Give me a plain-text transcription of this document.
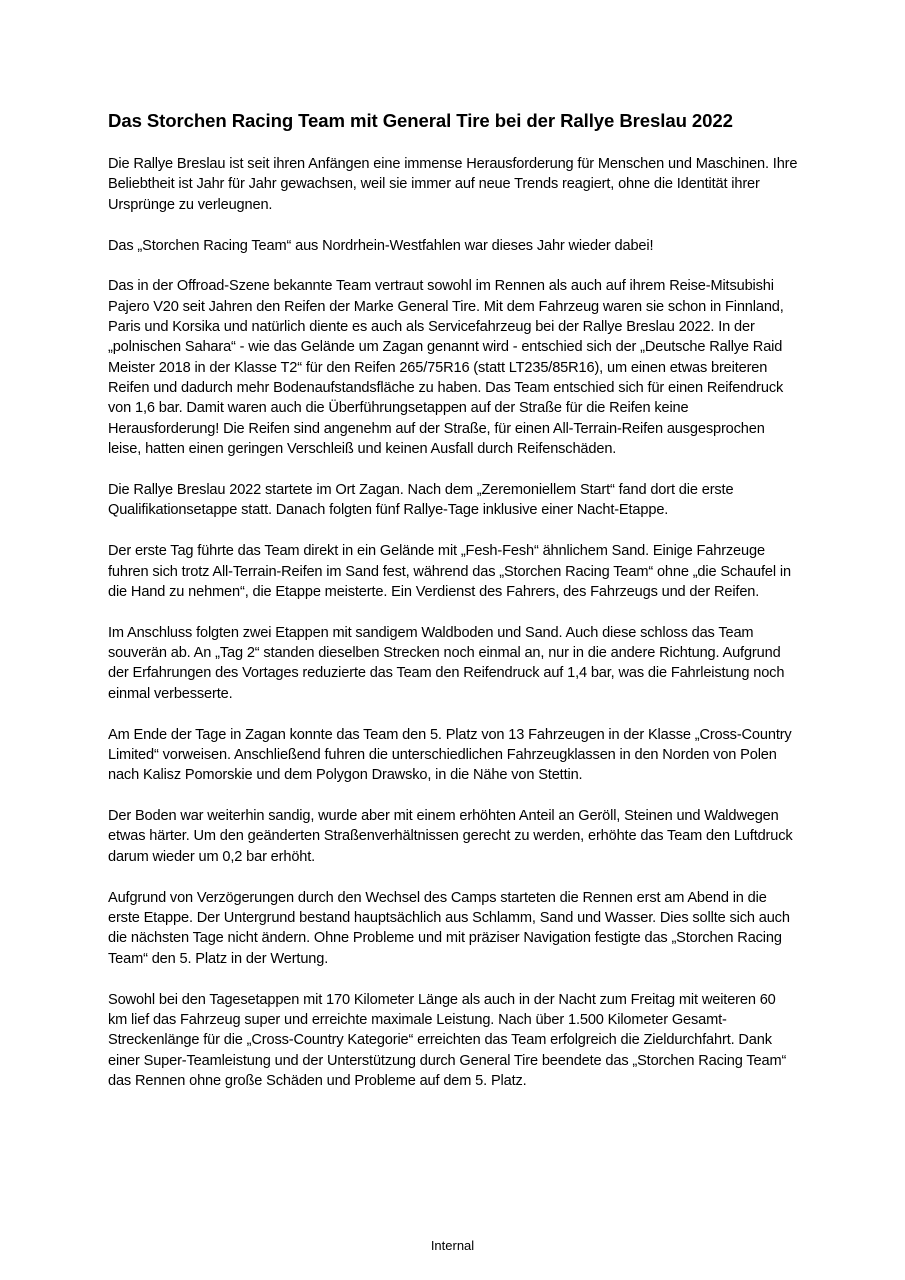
Das Storchen Racing Team mit General Tire bei der Rallye Breslau 2022

Die Rallye Breslau ist seit ihren Anfängen eine immense Herausforderung für Menschen und Maschinen. Ihre Beliebtheit ist Jahr für Jahr gewachsen, weil sie immer auf neue Trends reagiert, ohne die Identität ihrer Ursprünge zu verleugnen.

Das „Storchen Racing Team“ aus Nordrhein-Westfahlen war dieses Jahr wieder dabei!

Das in der Offroad-Szene bekannte Team vertraut sowohl im Rennen als auch auf ihrem Reise-Mitsubishi Pajero V20 seit Jahren den Reifen der Marke General Tire. Mit dem Fahrzeug waren sie schon in Finnland, Paris und Korsika und natürlich diente es auch als Servicefahrzeug bei der Rallye Breslau 2022. In der „polnischen Sahara“ - wie das Gelände um Zagan genannt wird - entschied sich der „Deutsche Rallye Raid Meister 2018 in der Klasse T2“ für den Reifen 265/75R16 (statt LT235/85R16), um einen etwas breiteren Reifen und dadurch mehr Bodenaufstandsfläche zu haben. Das Team entschied sich für einen Reifendruck von 1,6 bar. Damit waren auch die Überführungsetappen auf der Straße für die Reifen keine Herausforderung! Die Reifen sind angenehm auf der Straße, für einen All-Terrain-Reifen ausgesprochen leise, hatten einen geringen Verschleiß und keinen Ausfall durch Reifenschäden.

Die Rallye Breslau 2022 startete im Ort Zagan. Nach dem „Zeremoniellem Start“ fand dort die erste Qualifikationsetappe statt. Danach folgten fünf Rallye-Tage inklusive einer Nacht-Etappe.

Der erste Tag führte das Team direkt in ein Gelände mit „Fesh-Fesh“ ähnlichem Sand. Einige Fahrzeuge fuhren sich trotz All-Terrain-Reifen im Sand fest, während das „Storchen Racing Team“ ohne „die Schaufel in die Hand zu nehmen“, die Etappe meisterte. Ein Verdienst des Fahrers, des Fahrzeugs und der Reifen.

Im Anschluss folgten zwei Etappen mit sandigem Waldboden und Sand. Auch diese schloss das Team souverän ab. An „Tag 2“ standen dieselben Strecken noch einmal an, nur in die andere Richtung. Aufgrund der Erfahrungen des Vortages reduzierte das Team den Reifendruck auf 1,4 bar, was die Fahrleistung noch einmal verbesserte.

Am Ende der Tage in Zagan konnte das Team den 5. Platz von 13 Fahrzeugen in der Klasse „Cross-Country Limited“ vorweisen. Anschließend fuhren die unterschiedlichen Fahrzeugklassen in den Norden von Polen nach Kalisz Pomorskie und dem Polygon Drawsko, in die Nähe von Stettin.

Der Boden war weiterhin sandig, wurde aber mit einem erhöhten Anteil an Geröll, Steinen und Waldwegen etwas härter. Um den geänderten Straßenverhältnissen gerecht zu werden, erhöhte das Team den Luftdruck darum wieder um 0,2 bar erhöht.

Aufgrund von Verzögerungen durch den Wechsel des Camps starteten die Rennen erst am Abend in die erste Etappe. Der Untergrund bestand hauptsächlich aus Schlamm, Sand und Wasser. Dies sollte sich auch die nächsten Tage nicht ändern. Ohne Probleme und mit präziser Navigation festigte das „Storchen Racing Team“ den 5. Platz in der Wertung.

Sowohl bei den Tagesetappen mit 170 Kilometer Länge als auch in der Nacht zum Freitag mit weiteren 60 km lief das Fahrzeug super und erreichte maximale Leistung. Nach über 1.500 Kilometer Gesamt-Streckenlänge für die „Cross-Country Kategorie“ erreichten das Team erfolgreich die Zieldurchfahrt. Dank einer Super-Teamleistung und der Unterstützung durch General Tire beendete das „Storchen Racing Team“ das Rennen ohne große Schäden und Probleme auf dem 5. Platz.

Internal
